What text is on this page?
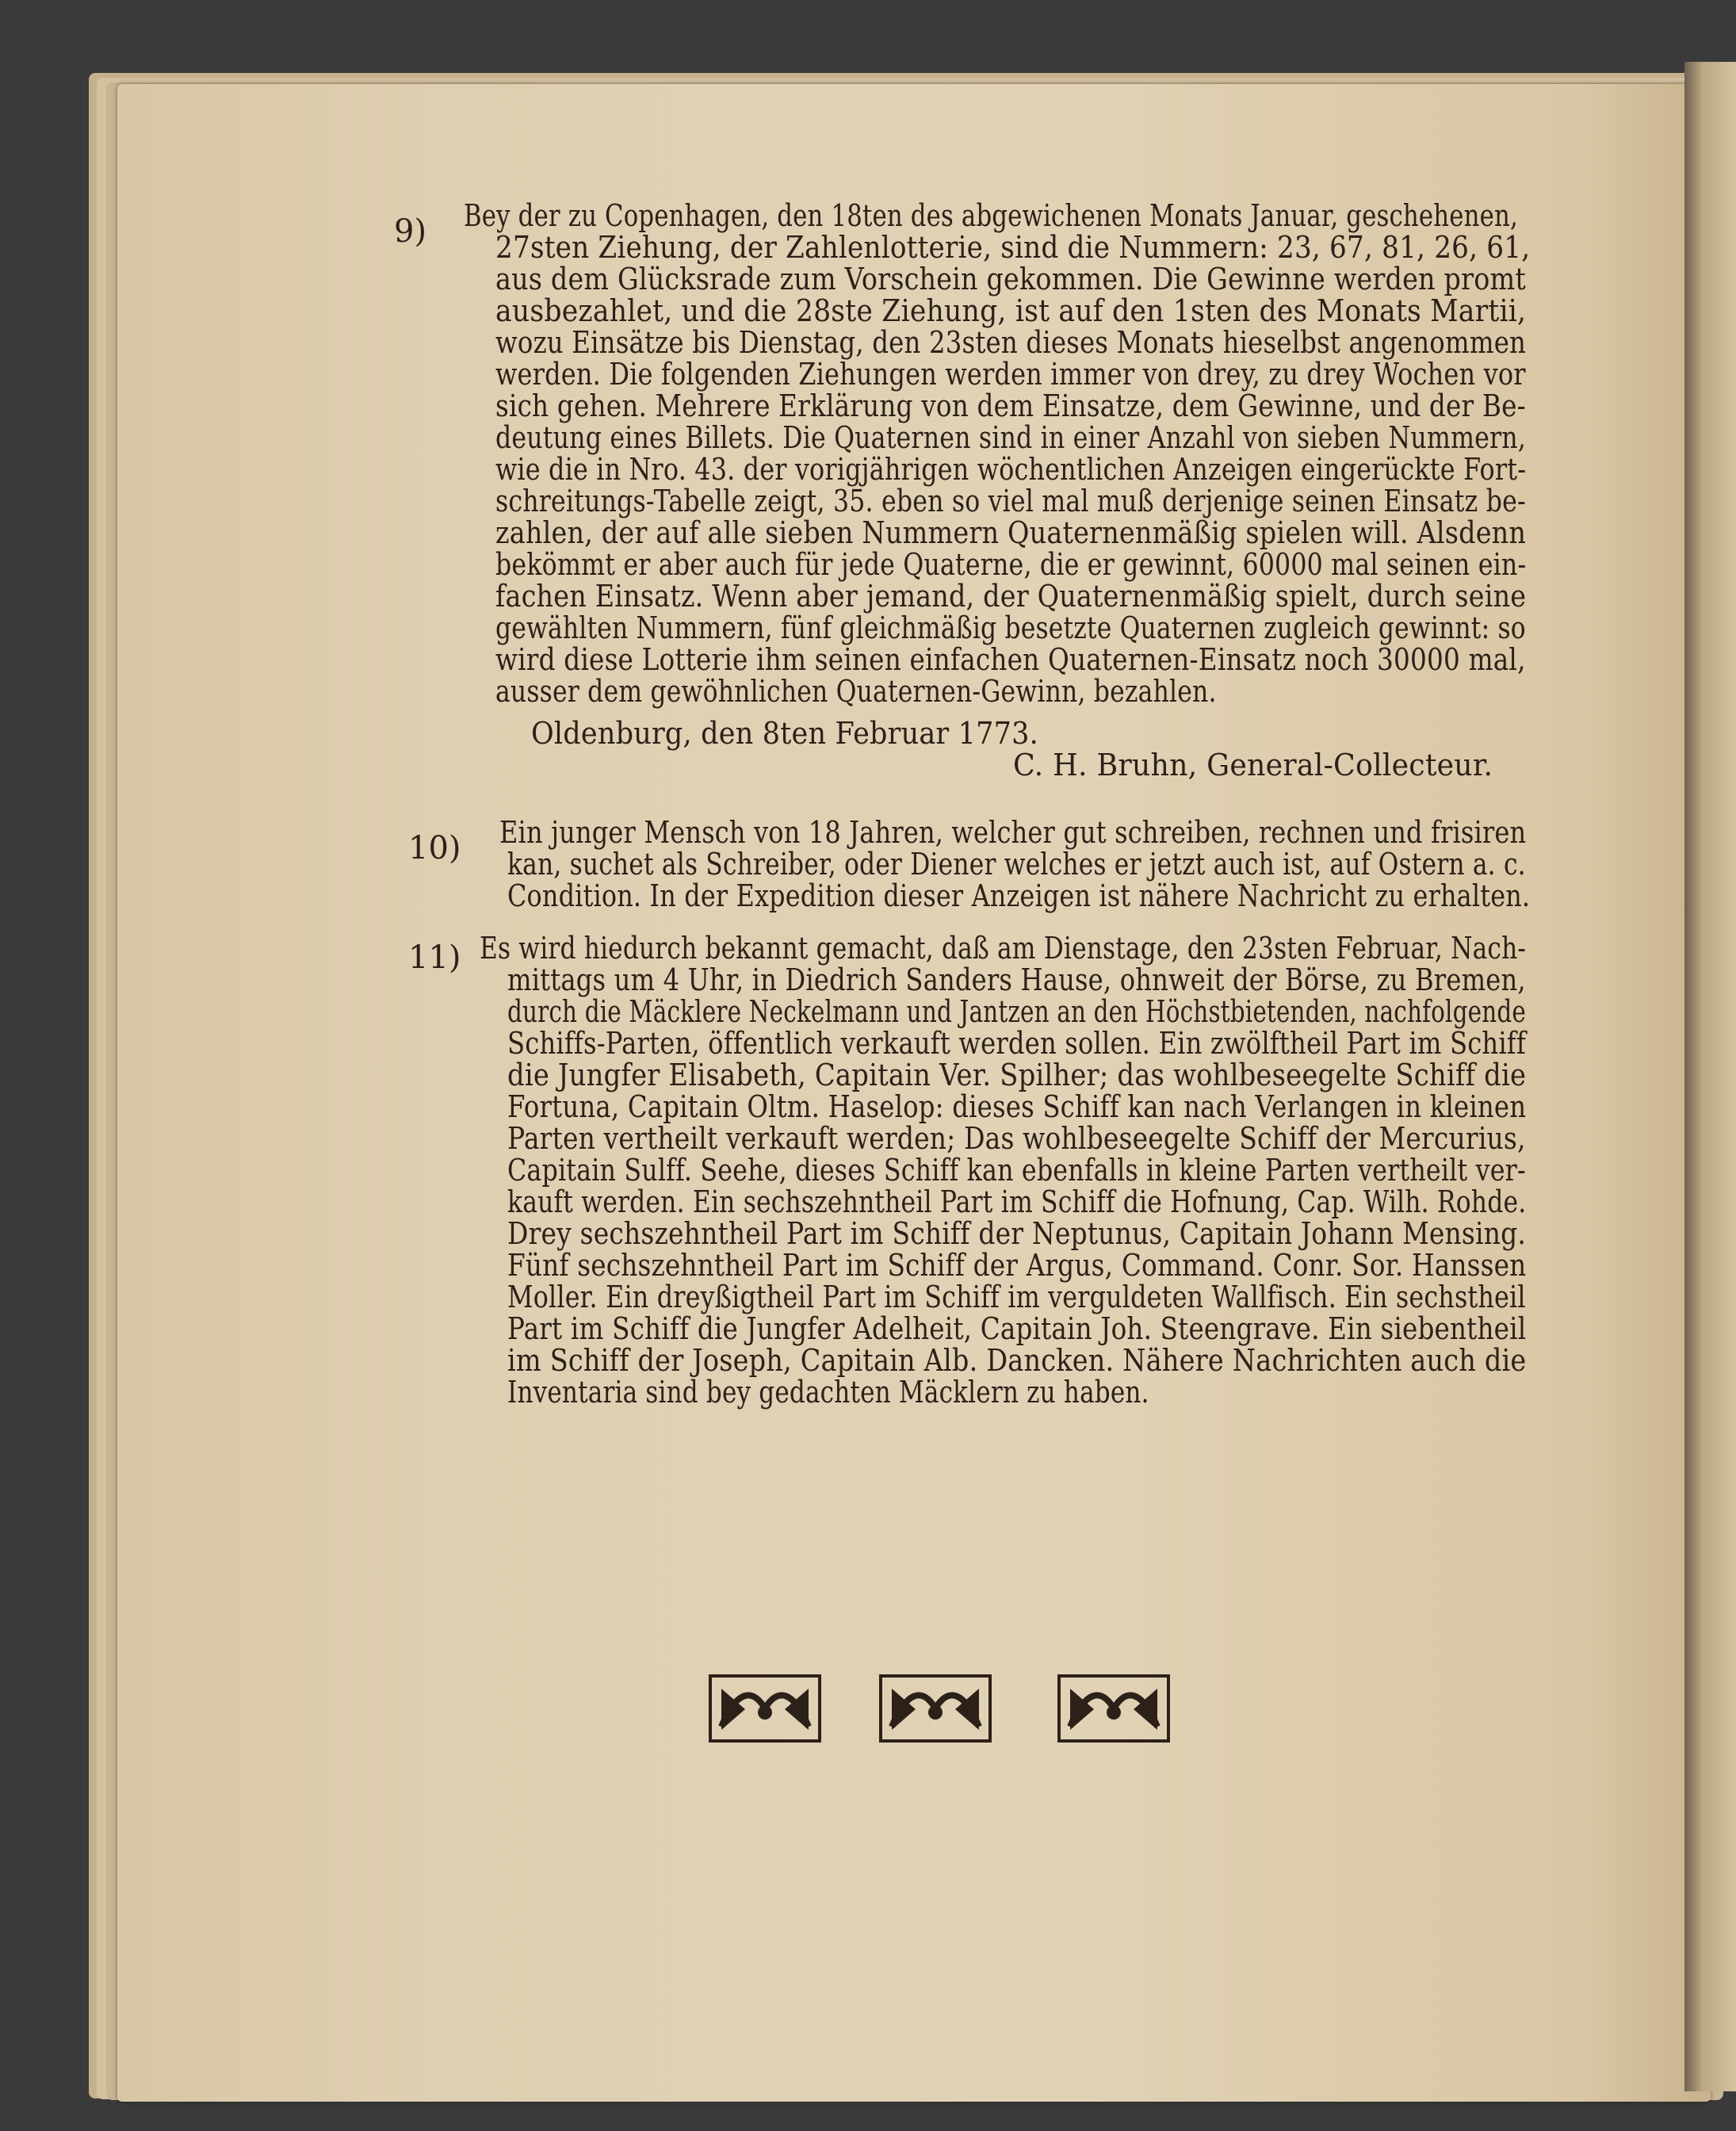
9) Bey der zu Copenhagen, den 18ten des abgewichenen Monats Januar, geschehenen,
27sten Ziehung, der Zahlenlotterie, sind die Nummern: 23, 67, 81, 26, 61,
aus dem Glücksrade zum Vorschein gekommen. Die Gewinne werden promt
ausbezahlet, und die 28ste Ziehung, ist auf den 1sten des Monats Martii,
wozu Einsätze bis Dienstag, den 23sten dieses Monats hieselbst angenommen
werden. Die folgenden Ziehungen werden immer von drey, zu drey Wochen vor
sich gehen. Mehrere Erklärung von dem Einsatze, dem Gewinne, und der Be-
deutung eines Billets. Die Quaternen sind in einer Anzahl von sieben Nummern,
wie die in Nro. 43. der vorigjährigen wöchentlichen Anzeigen eingerückte Fort-
schreitungs-Tabelle zeigt, 35. eben so viel mal muß derjenige seinen Einsatz be-
zahlen, der auf alle sieben Nummern Quaternenmäßig spielen will. Alsdenn
bekömmt er aber auch für jede Quaterne, die er gewinnt, 60000 mal seinen ein-
fachen Einsatz. Wenn aber jemand, der Quaternenmäßig spielt, durch seine
gewählten Nummern, fünf gleichmäßig besetzte Quaternen zugleich gewinnt: so
wird diese Lotterie ihm seinen einfachen Quaternen-Einsatz noch 30000 mal,
ausser dem gewöhnlichen Quaternen-Gewinn, bezahlen.
Oldenburg, den 8ten Februar 1773.
C. H. Bruhn, General-Collecteur.
10) Ein junger Mensch von 18 Jahren, welcher gut schreiben, rechnen und frisiren
kan, suchet als Schreiber, oder Diener welches er jetzt auch ist, auf Ostern a. c.
Condition. In der Expedition dieser Anzeigen ist nähere Nachricht zu erhalten.
11) Es wird hiedurch bekannt gemacht, daß am Dienstage, den 23sten Februar, Nach-
mittags um 4 Uhr, in Diedrich Sanders Hause, ohnweit der Börse, zu Bremen,
durch die Mäcklere Neckelmann und Jantzen an den Höchstbietenden, nachfolgende
Schiffs-Parten, öffentlich verkauft werden sollen. Ein zwölftheil Part im Schiff
die Jungfer Elisabeth, Capitain Ver. Spilher; das wohlbeseegelte Schiff die
Fortuna, Capitain Oltm. Haselop: dieses Schiff kan nach Verlangen in kleinen
Parten vertheilt verkauft werden; Das wohlbeseegelte Schiff der Mercurius,
Capitain Sulff. Seehe, dieses Schiff kan ebenfalls in kleine Parten vertheilt ver-
kauft werden. Ein sechszehntheil Part im Schiff die Hofnung, Cap. Wilh. Rohde.
Drey sechszehntheil Part im Schiff der Neptunus, Capitain Johann Mensing.
Fünf sechszehntheil Part im Schiff der Argus, Command. Conr. Sor. Hanssen
Moller. Ein dreyßigtheil Part im Schiff im verguldeten Wallfisch. Ein sechstheil
Part im Schiff die Jungfer Adelheit, Capitain Joh. Steengrave. Ein siebentheil
im Schiff der Joseph, Capitain Alb. Dancken. Nähere Nachrichten auch die
Inventaria sind bey gedachten Mäcklern zu haben.
